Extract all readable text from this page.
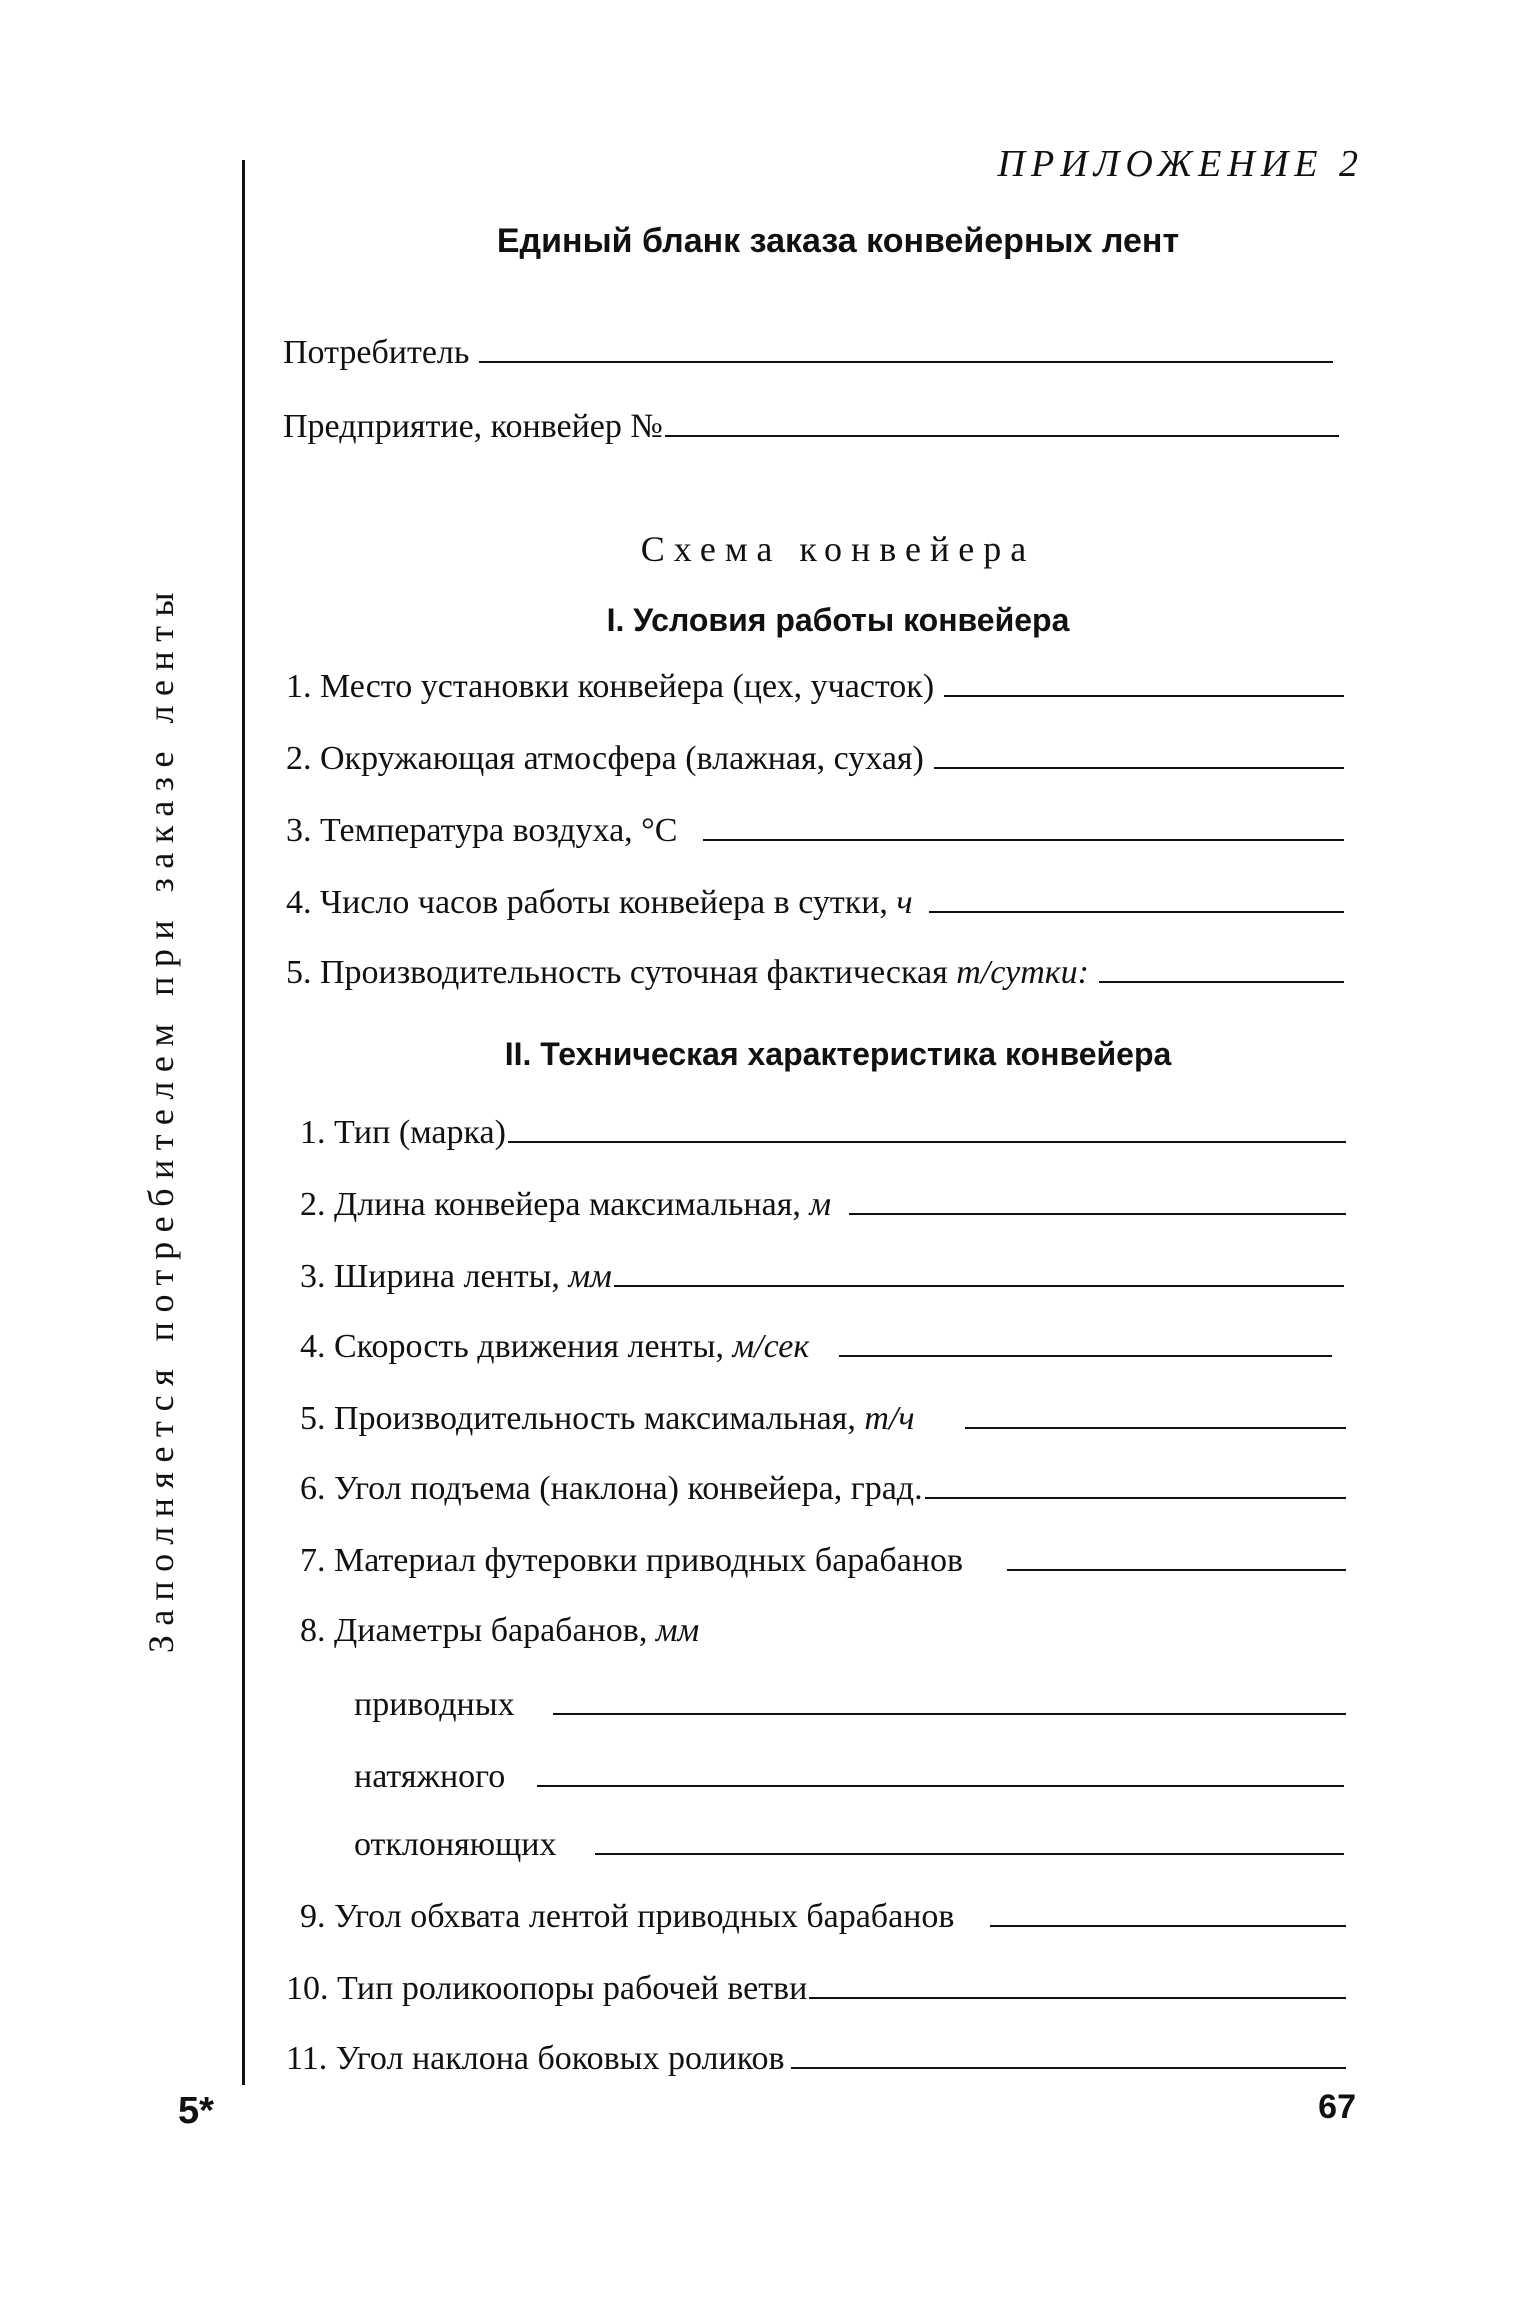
ПРИЛОЖЕНИЕ 2
Заполняется потребителем при заказе ленты
Единый бланк заказа конвейерных лент
Потребитель
Предприятие, конвейер №
Схема конвейера
I. Условия работы конвейера
1. Место установки конвейера (цех, участок)
2. Окружающая атмосфера (влажная, сухая)
3. Температура воздуха, °С
4. Число часов работы конвейера в сутки, ч
5. Производительность суточная фактическая т/сутки:
II. Техническая характеристика конвейера
1. Тип (марка)
2. Длина конвейера максимальная, м
3. Ширина ленты, мм
4. Скорость движения ленты, м/сек
5. Производительность максимальная, т/ч
6. Угол подъема (наклона) конвейера, град.
7. Материал футеровки приводных барабанов
8. Диаметры барабанов, мм
приводных
натяжного
отклоняющих
9. Угол обхвата лентой приводных барабанов
10. Тип роликоопоры рабочей ветви
11. Угол наклона боковых роликов
5*	67
